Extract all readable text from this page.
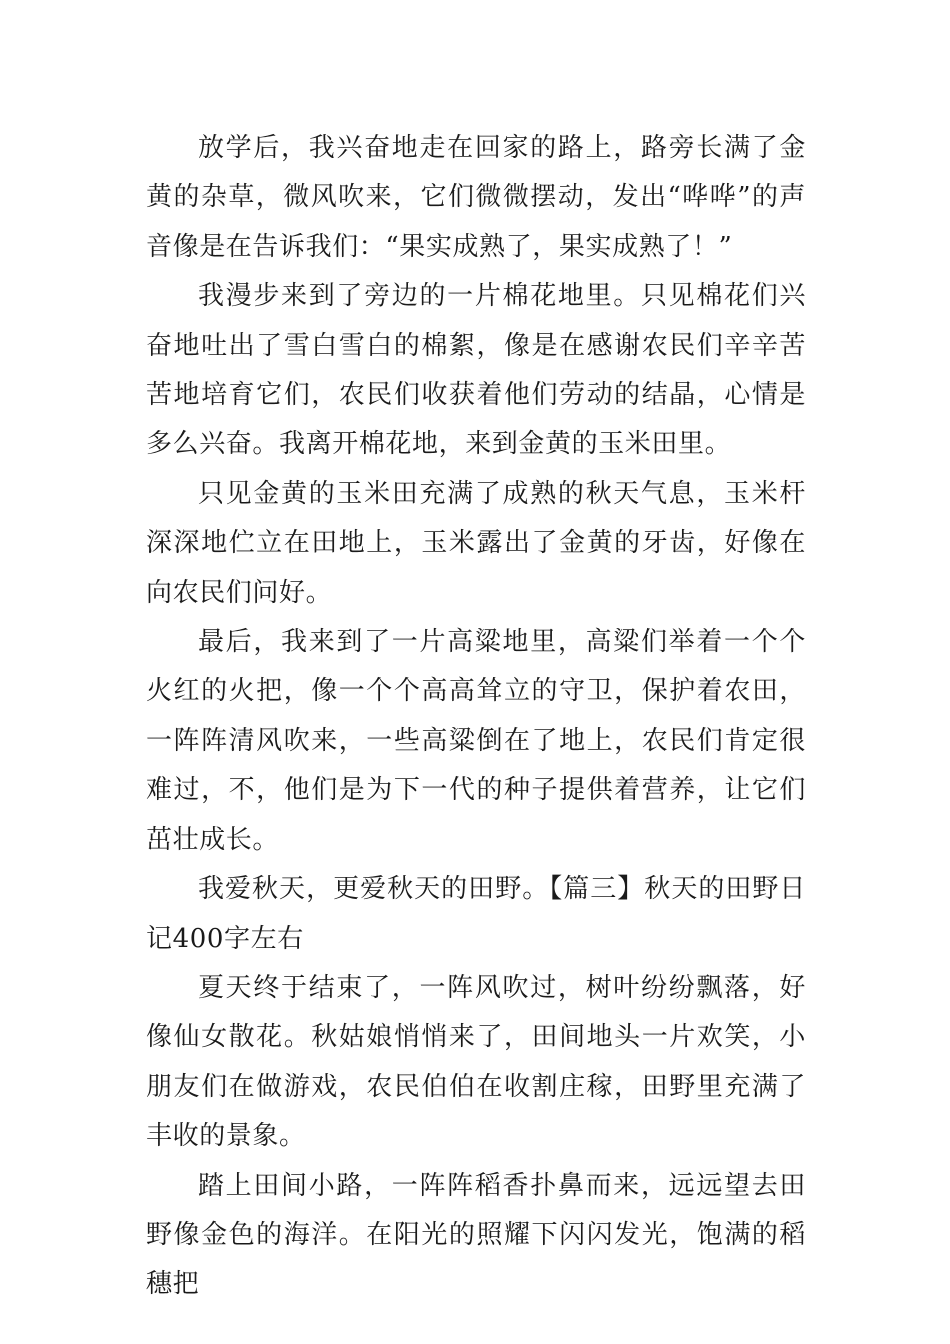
放学后，我兴奋地走在回家的路上，路旁长满了金黄的杂草，微风吹来，它们微微摆动，发出“哗哗”的声音像是在告诉我们：“果实成熟了，果实成熟了！”

我漫步来到了旁边的一片棉花地里。只见棉花们兴奋地吐出了雪白雪白的棉絮，像是在感谢农民们辛辛苦苦地培育它们，农民们收获着他们劳动的结晶，心情是多么兴奋。我离开棉花地，来到金黄的玉米田里。

只见金黄的玉米田充满了成熟的秋天气息，玉米杆深深地伫立在田地上，玉米露出了金黄的牙齿，好像在向农民们问好。

最后，我来到了一片高粱地里，高粱们举着一个个火红的火把，像一个个高高耸立的守卫，保护着农田，一阵阵清风吹来，一些高粱倒在了地上，农民们肯定很难过，不，他们是为下一代的种子提供着营养，让它们茁壮成长。

我爱秋天，更爱秋天的田野。【篇三】秋天的田野日记400字左右

夏天终于结束了，一阵风吹过，树叶纷纷飘落，好像仙女散花。秋姑娘悄悄来了，田间地头一片欢笑，小朋友们在做游戏，农民伯伯在收割庄稼，田野里充满了丰收的景象。

踏上田间小路，一阵阵稻香扑鼻而来，远远望去田野像金色的海洋。在阳光的照耀下闪闪发光，饱满的稻穗把
